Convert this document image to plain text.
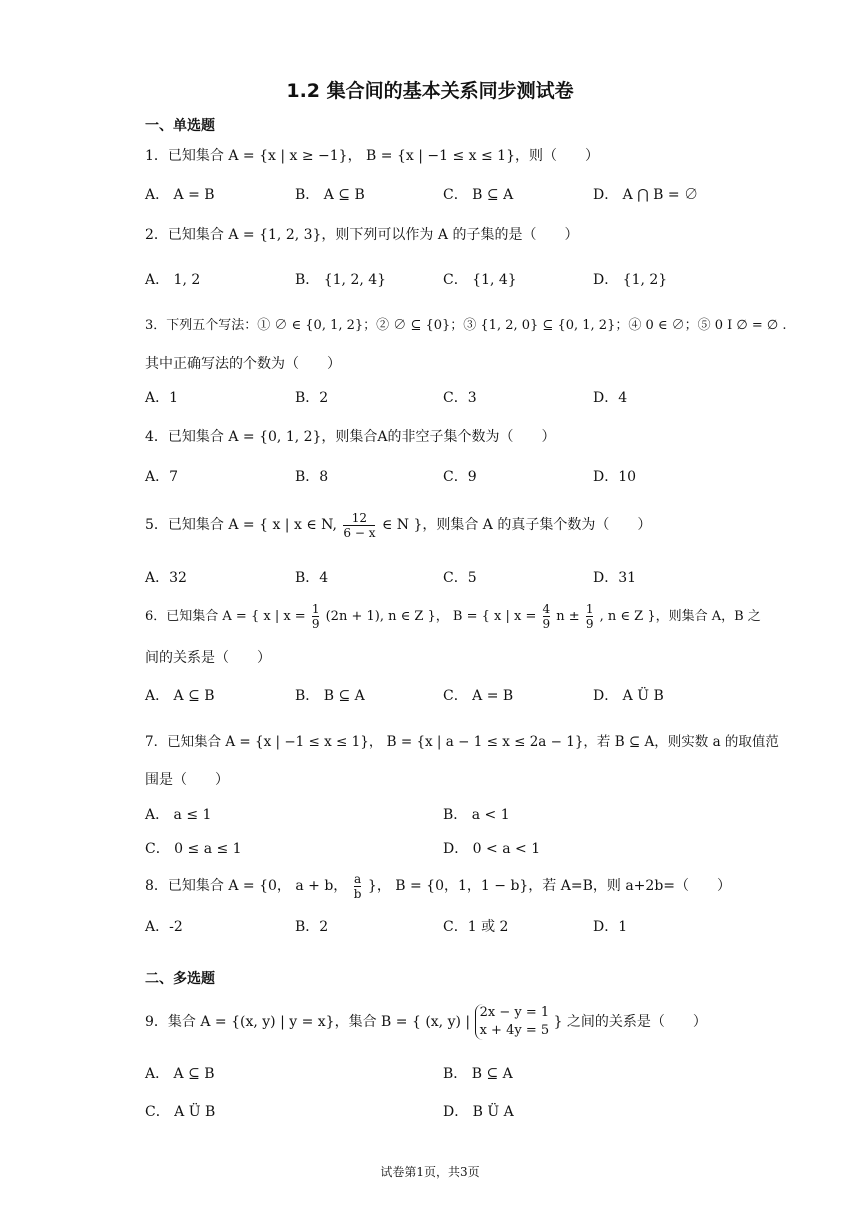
1.2 集合间的基本关系同步测试卷
一、单选题
1．已知集合 A = {x | x ≥ −1}， B = {x | −1 ≤ x ≤ 1}，则（　　）
A． A = B	B． A ⊆ B	C． B ⊆ A	D． A ⋂ B = ∅
2．已知集合 A = {1, 2, 3}，则下列可以作为 A 的子集的是（　　）
A． 1, 2	B． {1, 2, 4}	C． {1, 4}	D． {1, 2}
3．下列五个写法：① ∅ ∈ {0, 1, 2}；② ∅ ⊆ {0}；③ {1, 2, 0} ⊆ {0, 1, 2}；④ 0 ∈ ∅；⑤ 0 I ∅ = ∅ .
其中正确写法的个数为（　　）
A．1	B．2	C．3	D．4
4．已知集合 A = {0, 1, 2}，则集合A的非空子集个数为（　　）
A．7	B．8	C．9	D．10
5．已知集合 A = { x | x ∈ N, $\frac{12}{6 - x}$ ∈ N }，则集合 A 的真子集个数为（　　）
A．32	B．4	C．5	D．31
6．已知集合 A = { x | $x = \frac{1}{9} (2n + 1)$, n ∈ Z }， B = { x | $x = \frac{4}{9}$ $n \pm \frac{1}{9}$ , n ∈ Z }，则集合 A，B 之
间的关系是（　　）
A． A ⊆ B	B． B ⊆ A	C． A = B	D． A Ü B
7．已知集合 A = {x | −1 ≤ x ≤ 1}， B = {x | a − 1 ≤ x ≤ 2a − 1}，若 B ⊆ A，则实数 a 的取值范
围是（　　）
A． a ≤ 1	B． a < 1
C． 0 ≤ a ≤ 1	D． 0 < a < 1
8．已知集合 A = {0， a + b， $\frac{a}{b}$ }， B = {0，1，1 − b}，若 A=B，则 a+2b=（　　）
A．-2	B．2	C．1 或 2	D．1
二、多选题
9．集合 A = {(x, y) | y = x}，集合 B = { (x, y) |
2x − y = 1
x + 4y = 5
} 之间的关系是（　　）
A． A ⊆ B	B． B ⊆ A
C． A Ü B	D． B Ü A
试卷第1页，共3页
